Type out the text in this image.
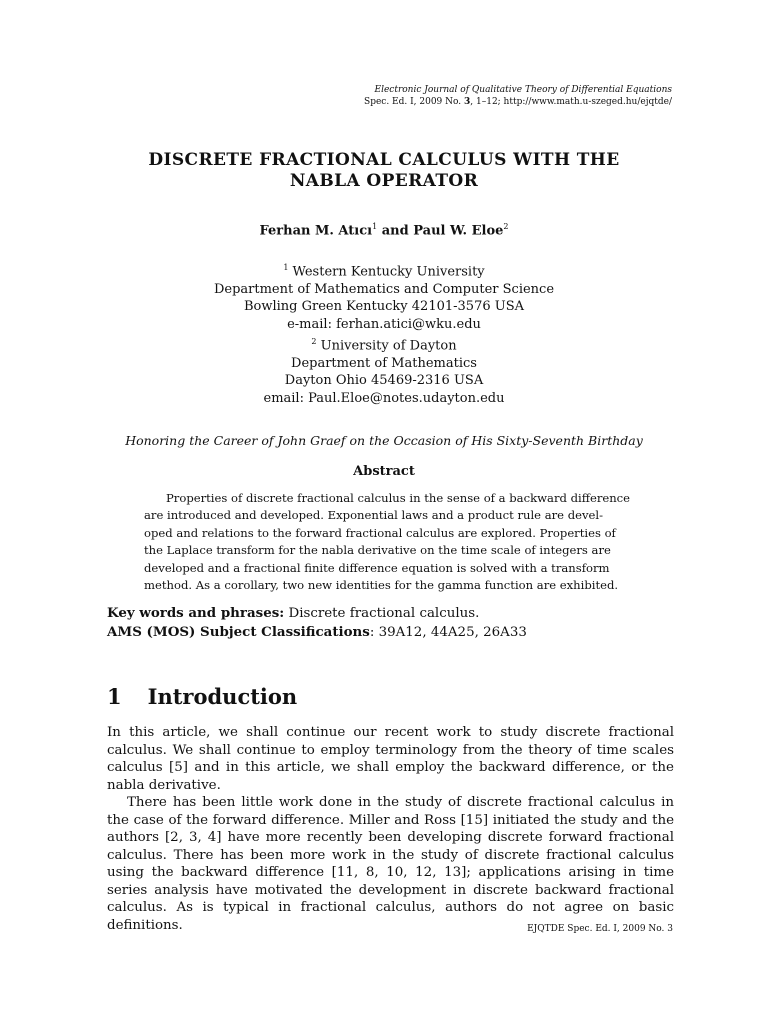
Electronic Journal of Qualitative Theory of Differential Equations
Spec. Ed. I, 2009 No. 3, 1–12; http://www.math.u-szeged.hu/ejqtde/
DISCRETE FRACTIONAL CALCULUS WITH THE
NABLA OPERATOR
Ferhan M. Atıcı$^1$ and Paul W. Eloe$^2$
$^1$ Western Kentucky University
Department of Mathematics and Computer Science
Bowling Green Kentucky 42101-3576 USA
e-mail: ferhan.atici@wku.edu
$^2$ University of Dayton
Department of Mathematics
Dayton Ohio 45469-2316 USA
email: Paul.Eloe@notes.udayton.edu
Honoring the Career of John Graef on the Occasion of His Sixty-Seventh Birthday
Abstract
Properties of discrete fractional calculus in the sense of a backward difference
are introduced and developed. Exponential laws and a product rule are devel-
oped and relations to the forward fractional calculus are explored. Properties of
the Laplace transform for the nabla derivative on the time scale of integers are
developed and a fractional finite difference equation is solved with a transform
method. As a corollary, two new identities for the gamma function are exhibited.
Key words and phrases: Discrete fractional calculus.
AMS (MOS) Subject Classifications: 39A12, 44A25, 26A33
1 Introduction

In this article, we shall continue our recent work to study discrete fractional calculus. We shall continue to employ terminology from the theory of time scales calculus [5] and in this article, we shall employ the backward difference, or the nabla derivative.

There has been little work done in the study of discrete fractional calculus in the case of the forward difference. Miller and Ross [15] initiated the study and the authors [2, 3, 4] have more recently been developing discrete forward fractional calculus. There has been more work in the study of discrete fractional calculus using the backward difference [11, 8, 10, 12, 13]; applications arising in time series analysis have motivated the development in discrete backward fractional calculus. As is typical in fractional calculus, authors do not agree on basic definitions.	EJQTDE Spec. Ed. I, 2009 No. 3
